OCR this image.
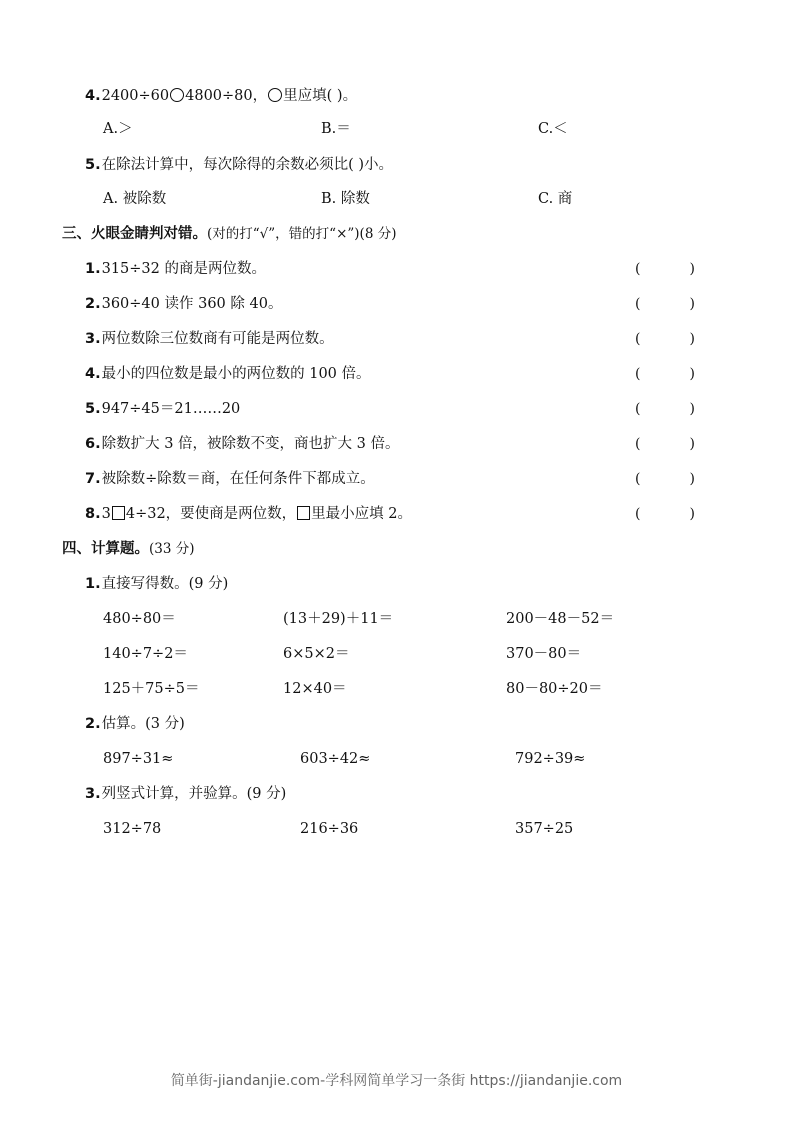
4.2400÷60 4800÷80， 里应填( )。
A.＞	B.＝	C.＜
5.在除法计算中，每次除得的余数必须比( )小。
A. 被除数	B. 除数	C. 商
三、火眼金睛判对错。(对的打“√”，错的打“×”)(8 分)
1.315÷32 的商是两位数。	(	)
2.360÷40 读作 360 除 40。	(	)
3.两位数除三位数商有可能是两位数。	(	)
4.最小的四位数是最小的两位数的 100 倍。	(	)
5.947÷45＝21……20	(	)
6.除数扩大 3 倍，被除数不变，商也扩大 3 倍。	(	)
7.被除数÷除数＝商，在任何条件下都成立。	(	)
8.3 4÷32，要使商是两位数， 里最小应填 2。	(	)
四、计算题。(33 分)
1.直接写得数。(9 分)
480÷80＝	(13＋29)＋11＝	200－48－52＝
140÷7÷2＝	6×5×2＝	370－80＝
125＋75÷5＝	12×40＝	80－80÷20＝
2.估算。(3 分)
897÷31≈	603÷42≈	792÷39≈
3.列竖式计算，并验算。(9 分)
312÷78	216÷36	357÷25
简单街-jiandanjie.com-学科网简单学习一条街 https://jiandanjie.com
